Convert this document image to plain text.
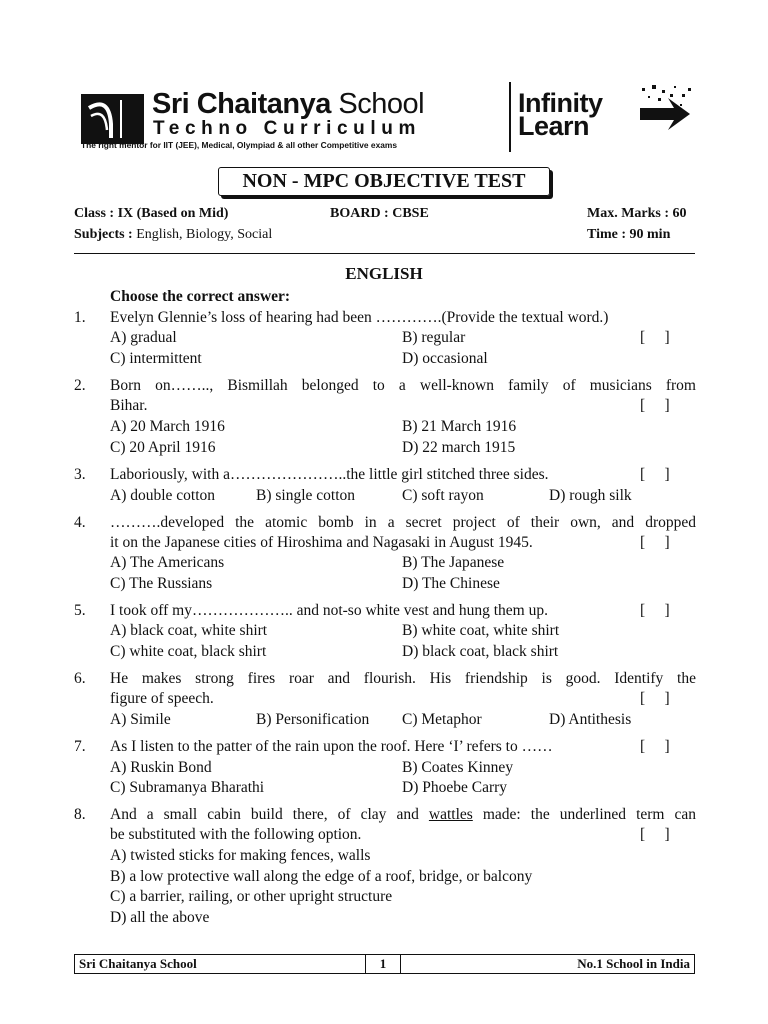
Sri Chaitanya School
Techno Curriculum
The right mentor for IIT (JEE), Medical, Olympiad & all other Competitive exams
Infinity
Learn
NON - MPC OBJECTIVE TEST
Class : IX (Based on Mid)	BOARD : CBSE	Max. Marks : 60
Subjects : English, Biology, Social	Time : 90 min
ENGLISH
Choose the correct answer:
1. Evelyn Glennie’s loss of hearing had been ………….(Provide the textual word.)
A) gradual	B) regular	[     ]
C) intermittent	D) occasional
2. Born on…….., Bismillah belonged to a well-known family of musicians from
Bihar.	[     ]
A) 20 March 1916	B) 21 March 1916
C) 20 April 1916	D) 22 march 1915
3. Laboriously, with a…………………..the little girl stitched three sides.	[     ]
A) double cotton	B) single cotton	C) soft rayon	D) rough silk
4. ……….developed the atomic bomb in a secret project of their own, and dropped
it on the Japanese cities of Hiroshima and Nagasaki in August 1945.	[     ]
A) The Americans	B) The Japanese
C) The Russians	D) The Chinese
5. I took off my……………….. and not-so white vest and hung them up.	[     ]
A) black coat, white shirt	B) white coat, white shirt
C) white coat, black shirt	D) black coat, black shirt
6. He makes strong fires roar and flourish. His friendship is good. Identify the
figure of speech.	[     ]
A) Simile	B) Personification C) Metaphor	D) Antithesis
7. As I listen to the patter of the rain upon the roof. Here ‘I’ refers to ……	[     ]
A) Ruskin Bond	B) Coates Kinney
C) Subramanya Bharathi	D) Phoebe Carry
8. And a small cabin build there, of clay and wattles made: the underlined term can
be substituted with the following option.	[     ]
A) twisted sticks for making fences, walls
B) a low protective wall along the edge of a roof, bridge, or balcony
C) a barrier, railing, or other upright structure
D) all the above
Sri Chaitanya School	1	No.1 School in India
